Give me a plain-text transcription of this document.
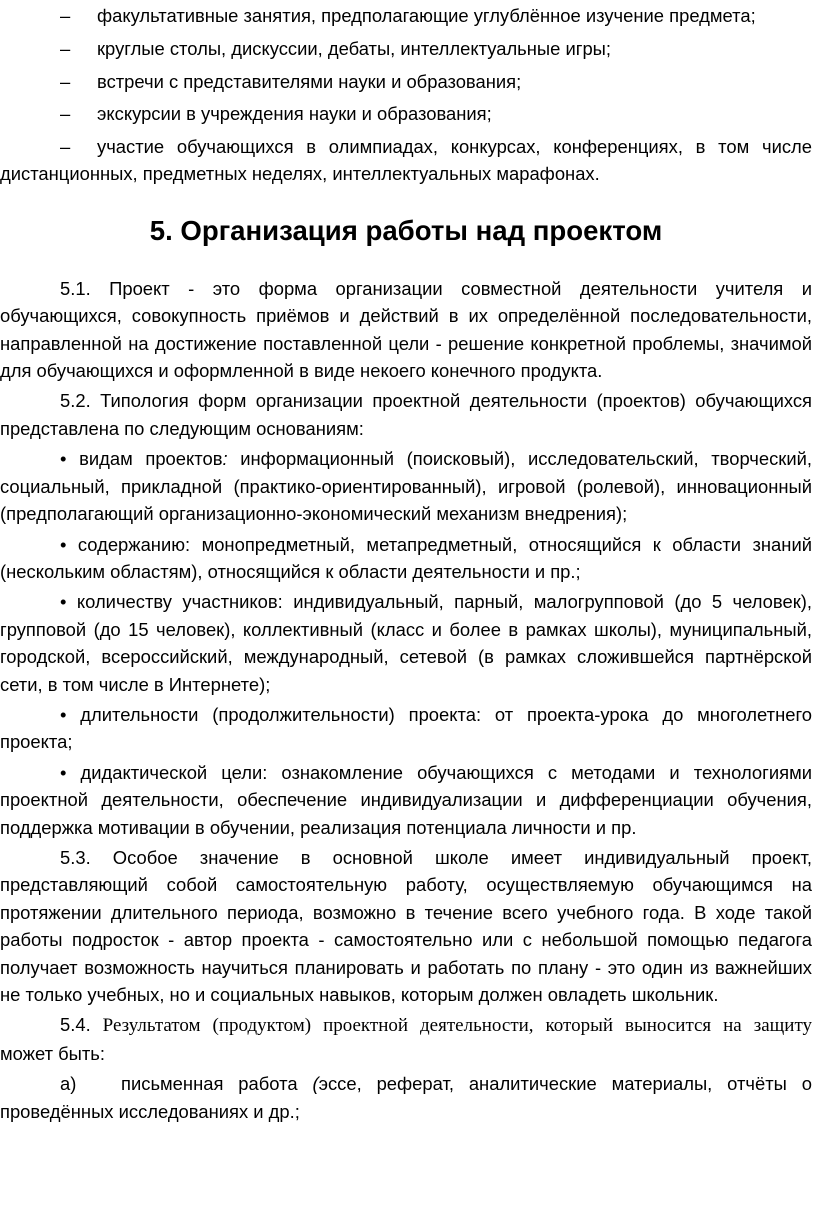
– факультативные занятия, предполагающие углублённое изучение предмета;

– круглые столы, дискуссии, дебаты, интеллектуальные игры;

– встречи с представителями науки и образования;

– экскурсии в учреждения науки и образования;

– участие обучающихся в олимпиадах, конкурсах, конференциях, в том числе дистанционных, предметных неделях, интеллектуальных марафонах.

5. Организация работы над проектом

5.1. Проект - это форма организации совместной деятельности учителя и обучающихся, совокупность приёмов и действий в их определённой последовательности, направленной на достижение поставленной цели - решение конкретной проблемы, значимой для обучающихся и оформленной в виде некоего конечного продукта.

5.2. Типология форм организации проектной деятельности (проектов) обучающихся представлена по следующим основаниям:

• видам проектов: информационный (поисковый), исследовательский, творческий, социальный, прикладной (практико-ориентированный), игровой (ролевой), инновационный (предполагающий организационно-экономический механизм внедрения);

• содержанию: монопредметный, метапредметный, относящийся к области знаний (нескольким областям), относящийся к области деятельности и пр.;

• количеству участников: индивидуальный, парный, малогрупповой (до 5 человек), групповой (до 15 человек), коллективный (класс и более в рамках школы), муниципальный, городской, всероссийский, международный, сетевой (в рамках сложившейся партнёрской сети, в том числе в Интернете);

• длительности (продолжительности) проекта: от проекта-урока до многолетнего проекта;

• дидактической цели: ознакомление обучающихся с методами и технологиями проектной деятельности, обеспечение индивидуализации и дифференциации обучения, поддержка мотивации в обучении, реализация потенциала личности и пр.

5.3. Особое значение в основной школе имеет индивидуальный проект, представляющий собой самостоятельную работу, осуществляемую обучающимся на протяжении длительного периода, возможно в течение всего учебного года. В ходе такой работы подросток - автор проекта - самостоятельно или с небольшой помощью педагога получает возможность научиться планировать и работать по плану - это один из важнейших не только учебных, но и социальных навыков, которым должен овладеть школьник.

5.4. Результатом (продуктом) проектной деятельности, который выносится на защиту может быть:

а) письменная работа (эссе, реферат, аналитические материалы, отчёты о проведённых исследованиях и др.;
